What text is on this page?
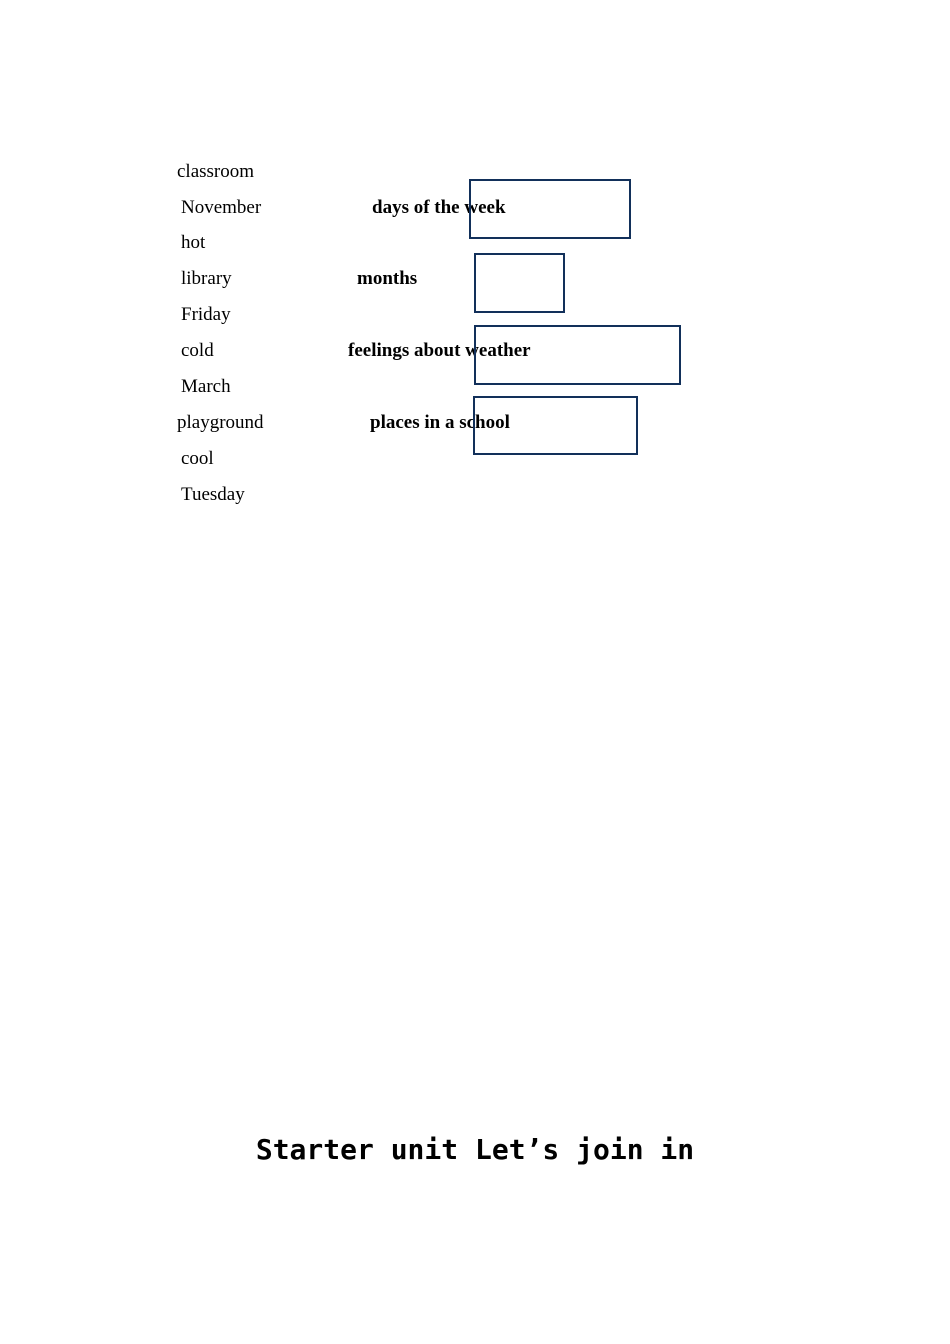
classroom
November
hot
library
Friday
cold
March
playground
cool
Tuesday
days of the week
months
feelings about weather
places in a school
Starter unit Let’s join in
